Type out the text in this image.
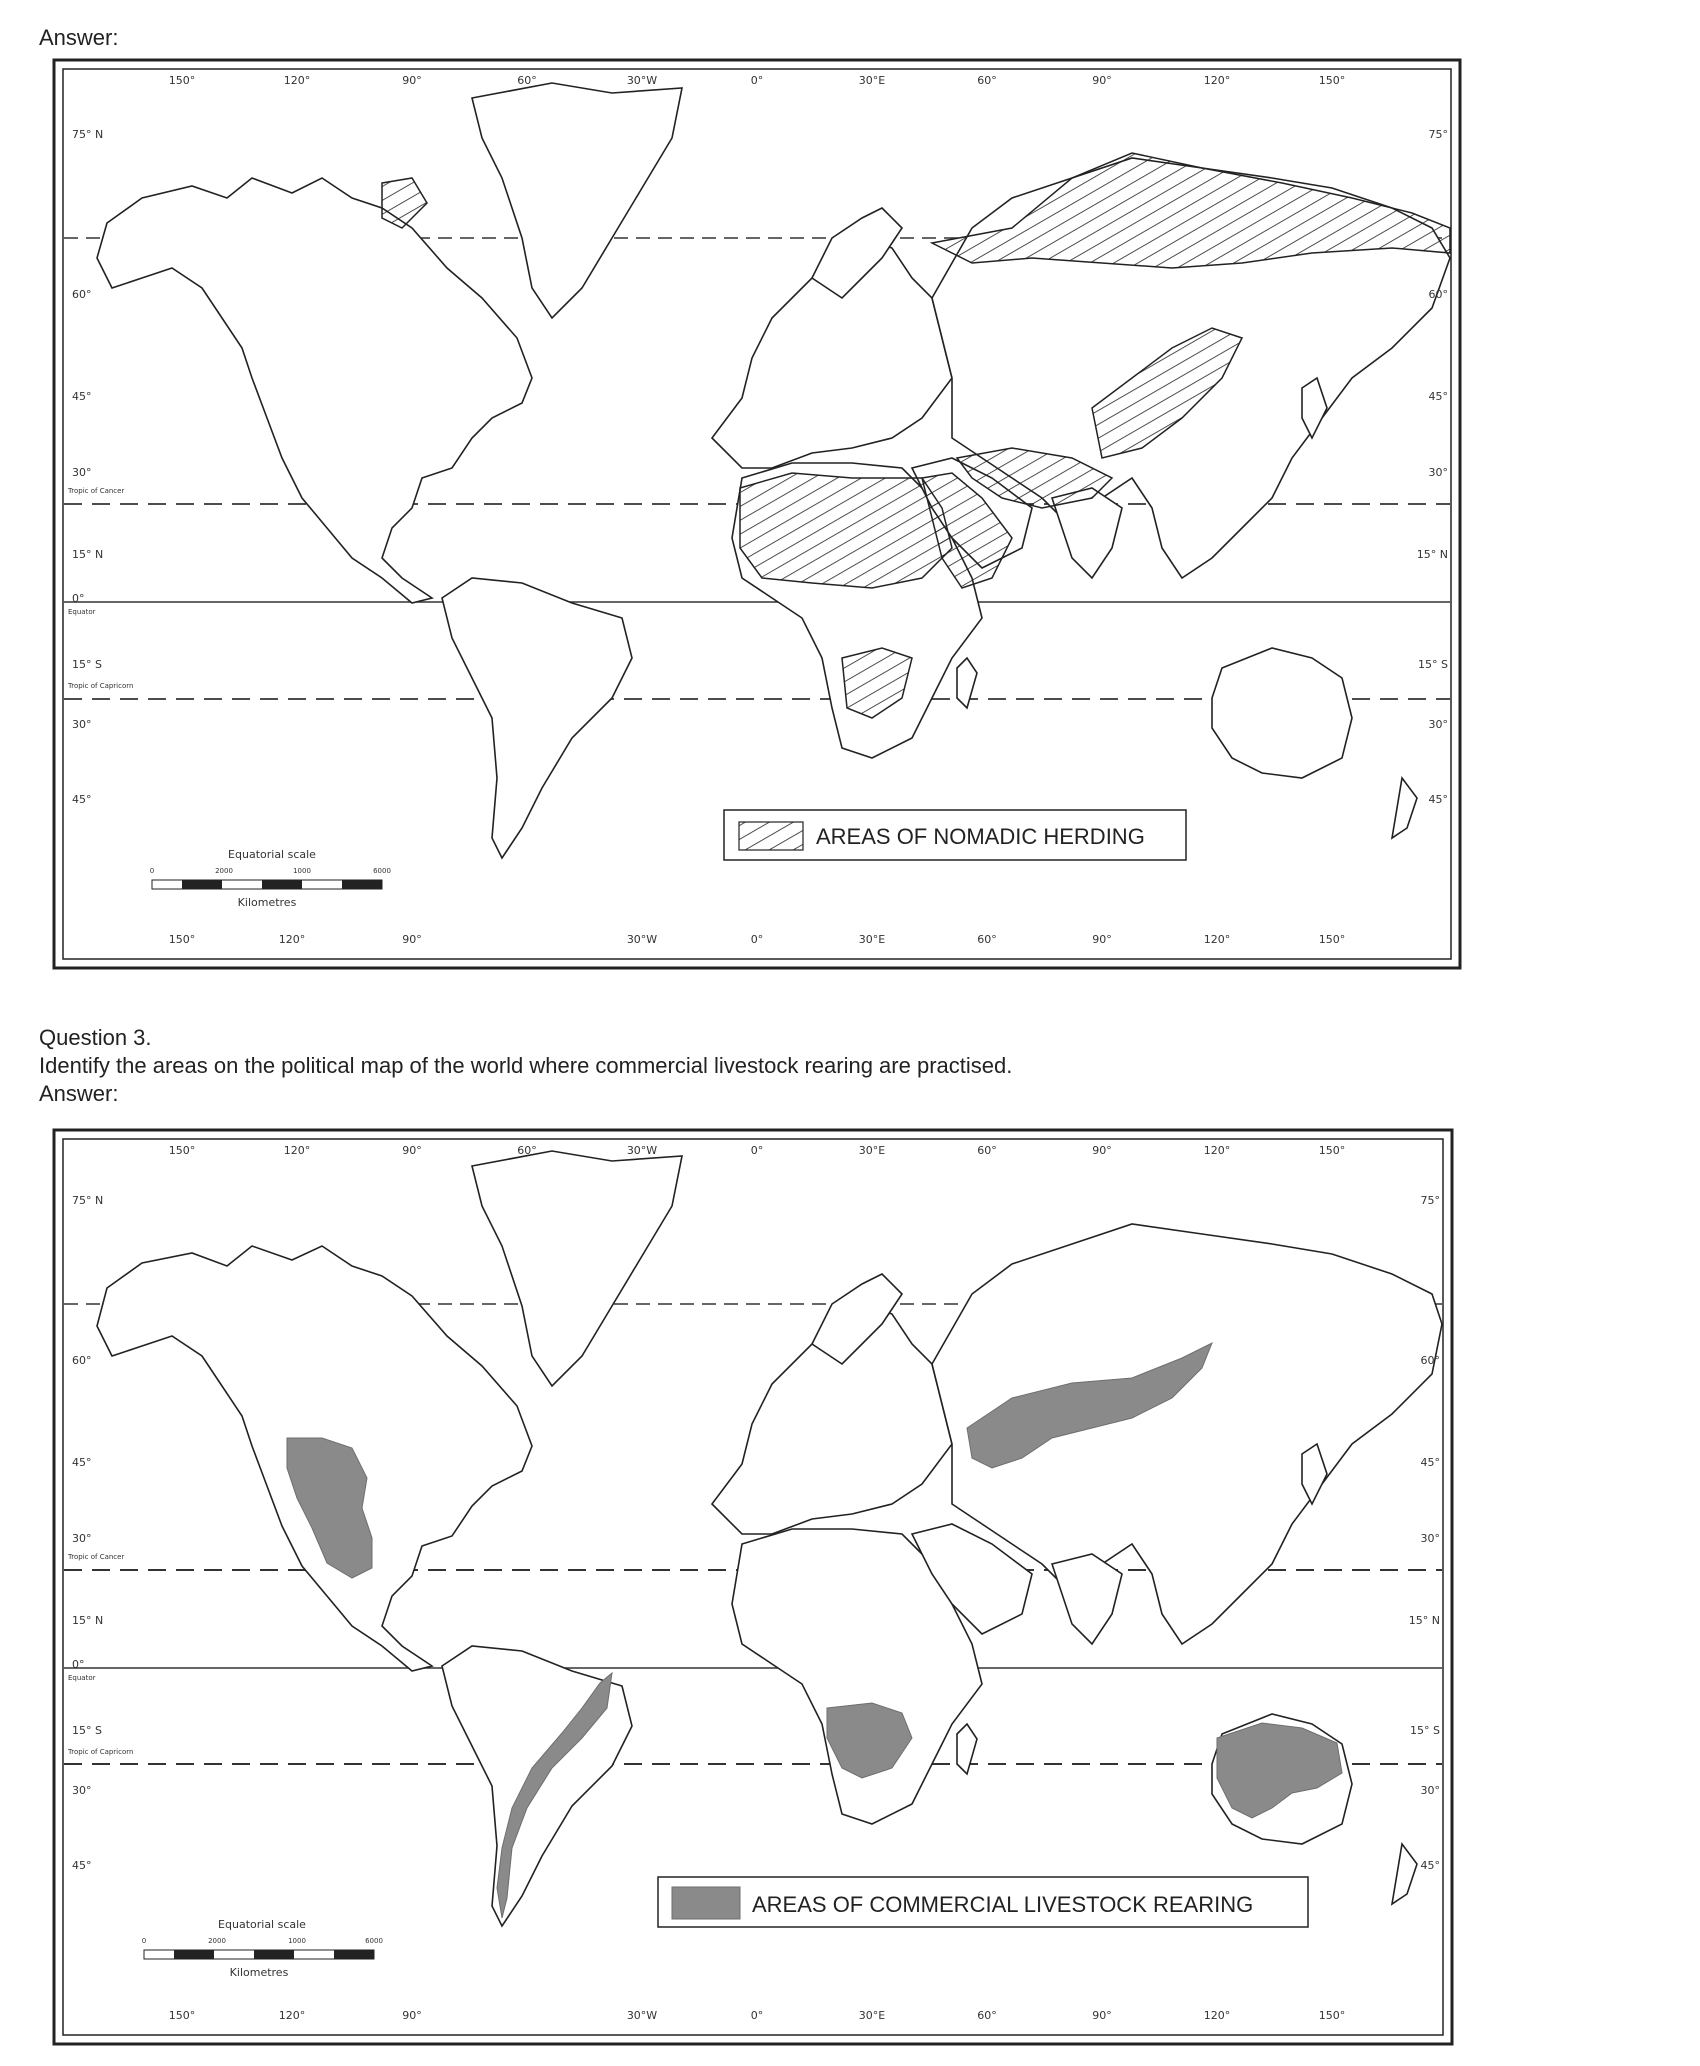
Answer:
Question 3.
Identify the areas on the political map of the world where commercial livestock rearing are practised.
Answer:
75° N
60°
45°
30°
15° N
0°
15° S
30°
45°
Tropic of Cancer
Equator
Tropic of Capricorn
75°
60°
45°
30°
15° N
15° S
30°
45°
150°	120°	90°	60°	30°W	0°	30°E	60°	90°	120°	150°
150°	120°	90°	30°W	0°	30°E	60°	90°	120°	150°
Equatorial scale
0	2000	1000	6000
Kilometres
AREAS OF NOMADIC HERDING
75° N
60°
45°
30°
15° N
0°
15° S
30°
45°
Tropic of Cancer
Equator
Tropic of Capricorn
75°
60°
45°
30°
15° N
15° S
30°
45°
150°	120°	90°	60°	30°W	0°	30°E	60°	90°	120°	150°
150°	120°	90°	30°W	0°	30°E	60°	90°	120°	150°
Equatorial scale
0	2000	1000	6000
Kilometres
AREAS OF COMMERCIAL LIVESTOCK REARING
